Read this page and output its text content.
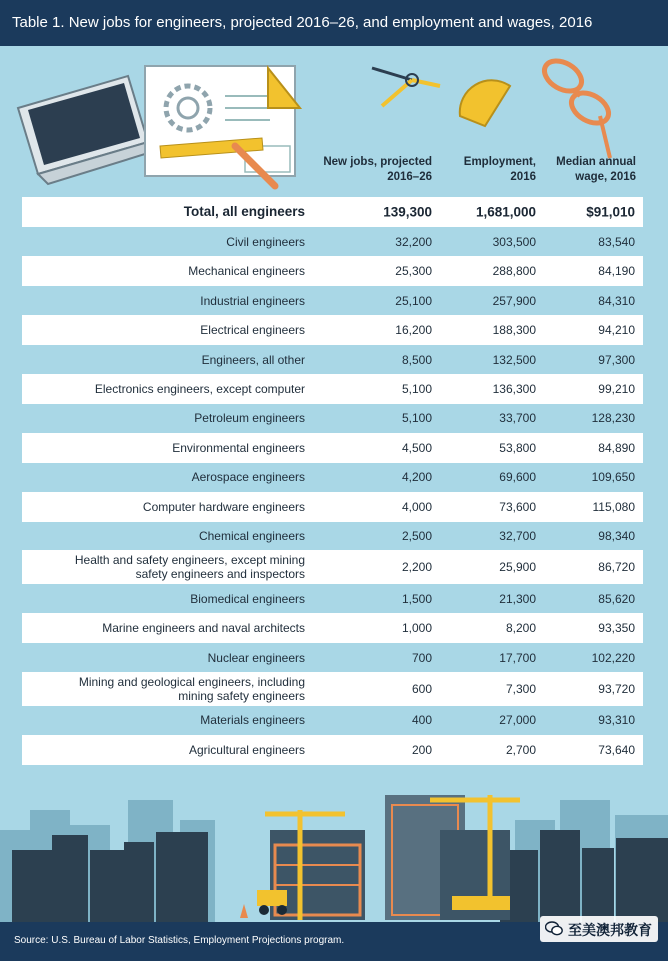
Table 1. New jobs for engineers, projected 2016–26, and employment and wages, 2016
New jobs, projected
2016–26
Employment,
2016
Median annual
wage, 2016
Total, all engineers	139,300	1,681,000	$91,010
Civil engineers	32,200	303,500	83,540
Mechanical engineers	25,300	288,800	84,190
Industrial engineers	25,100	257,900	84,310
Electrical engineers	16,200	188,300	94,210
Engineers, all other	8,500	132,500	97,300
Electronics engineers, except computer	5,100	136,300	99,210
Petroleum engineers	5,100	33,700	128,230
Environmental engineers	4,500	53,800	84,890
Aerospace engineers	4,200	69,600	109,650
Computer hardware engineers	4,000	73,600	115,080
Chemical engineers	2,500	32,700	98,340
Health and safety engineers, except mining
safety engineers and inspectors	2,200	25,900	86,720
Biomedical engineers	1,500	21,300	85,620
Marine engineers and naval architects	1,000	8,200	93,350
Nuclear engineers	700	17,700	102,220
Mining and geological engineers, including
mining safety engineers	600	7,300	93,720
Materials engineers	400	27,000	93,310
Agricultural engineers	200	2,700	73,640
Source: U.S. Bureau of Labor Statistics, Employment Projections program.
至美澳邦教育
